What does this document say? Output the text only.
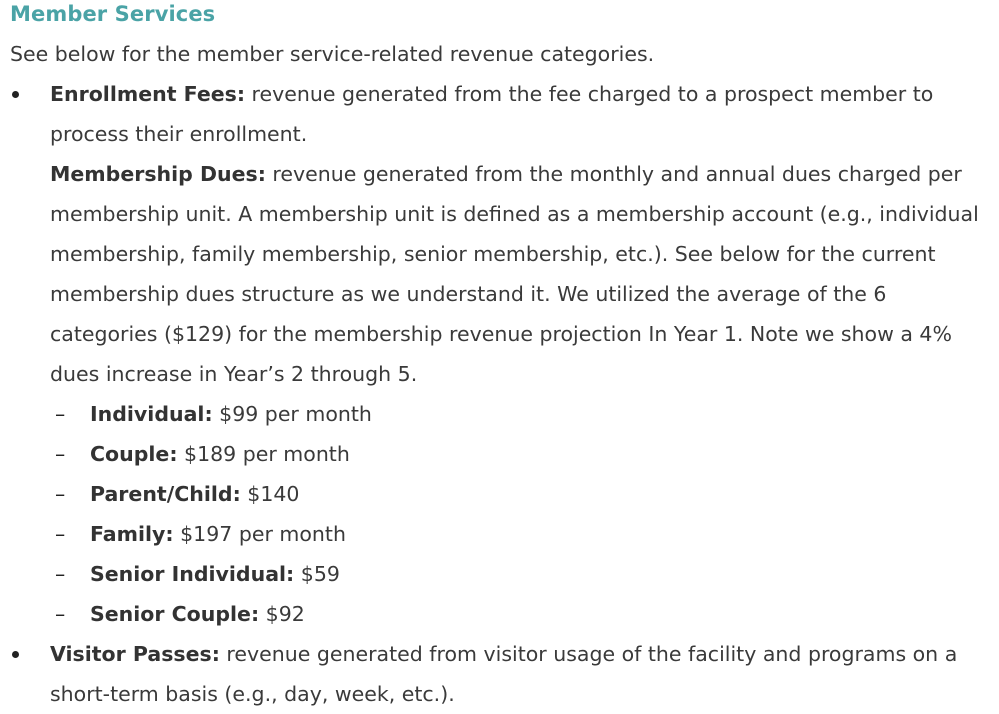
Member Services

See below for the member service-related revenue categories.

Enrollment Fees: revenue generated from the fee charged to a prospect member to process their enrollment.

Membership Dues: revenue generated from the monthly and annual dues charged per membership unit. A membership unit is defined as a membership account (e.g., individual membership, family membership, senior membership, etc.). See below for the current membership dues structure as we understand it. We utilized the average of the 6 categories ($129) for the membership revenue projection In Year 1. Note we show a 4% dues increase in Year’s 2 through 5.

– Individual: $99 per month
– Couple: $189 per month
– Parent/Child: $140
– Family: $197 per month
– Senior Individual: $59
– Senior Couple: $92

Visitor Passes: revenue generated from visitor usage of the facility and programs on a short-term basis (e.g., day, week, etc.).
